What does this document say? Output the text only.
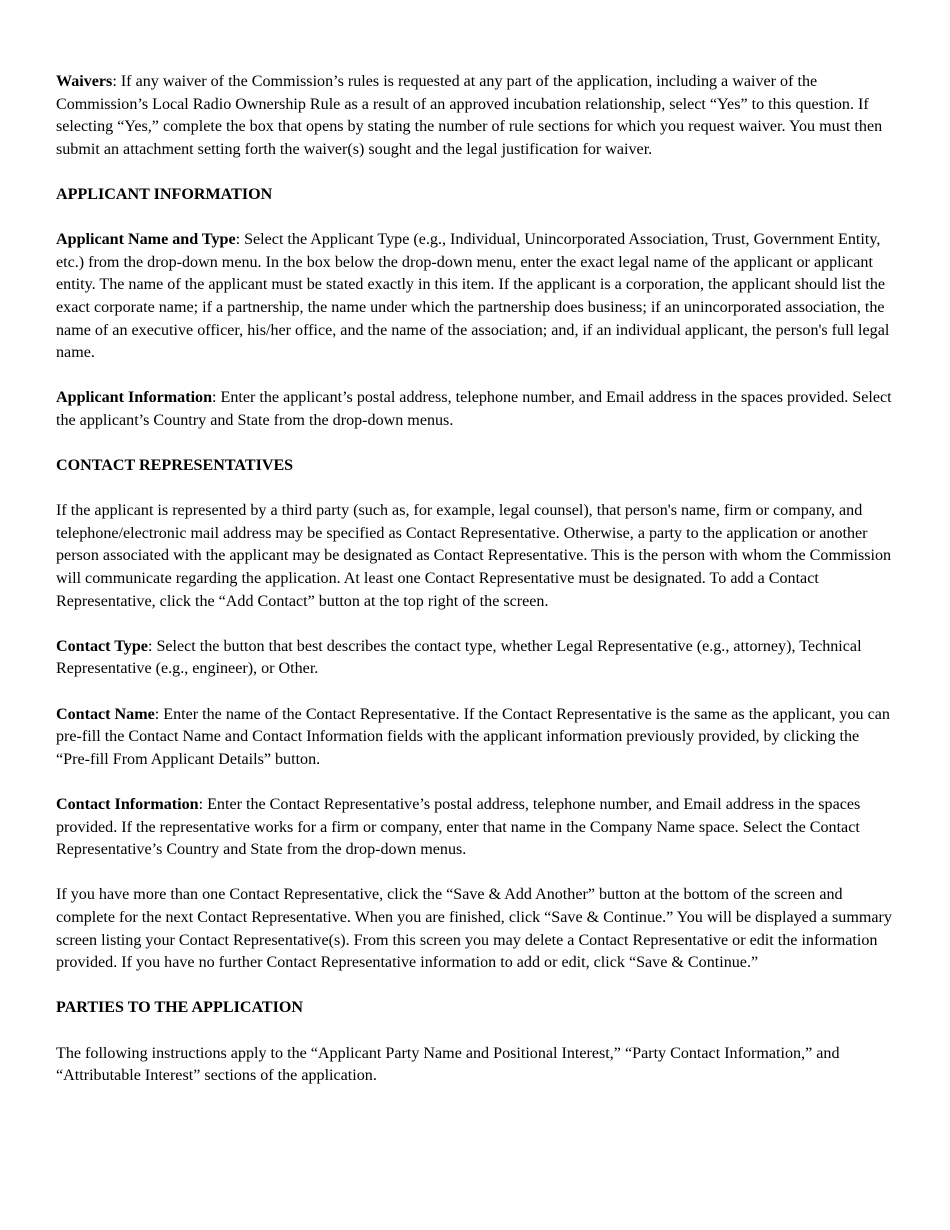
Waivers: If any waiver of the Commission’s rules is requested at any part of the application, including a waiver of the Commission’s Local Radio Ownership Rule as a result of an approved incubation relationship, select “Yes” to this question. If selecting “Yes,” complete the box that opens by stating the number of rule sections for which you request waiver. You must then submit an attachment setting forth the waiver(s) sought and the legal justification for waiver.

APPLICANT INFORMATION

Applicant Name and Type: Select the Applicant Type (e.g., Individual, Unincorporated Association, Trust, Government Entity, etc.) from the drop-down menu. In the box below the drop-down menu, enter the exact legal name of the applicant or applicant entity. The name of the applicant must be stated exactly in this item. If the applicant is a corporation, the applicant should list the exact corporate name; if a partnership, the name under which the partnership does business; if an unincorporated association, the name of an executive officer, his/her office, and the name of the association; and, if an individual applicant, the person's full legal name.

Applicant Information: Enter the applicant’s postal address, telephone number, and Email address in the spaces provided. Select the applicant’s Country and State from the drop-down menus.

CONTACT REPRESENTATIVES

If the applicant is represented by a third party (such as, for example, legal counsel), that person's name, firm or company, and telephone/electronic mail address may be specified as Contact Representative. Otherwise, a party to the application or another person associated with the applicant may be designated as Contact Representative. This is the person with whom the Commission will communicate regarding the application. At least one Contact Representative must be designated. To add a Contact Representative, click the “Add Contact” button at the top right of the screen.

Contact Type: Select the button that best describes the contact type, whether Legal Representative (e.g., attorney), Technical Representative (e.g., engineer), or Other.

Contact Name: Enter the name of the Contact Representative. If the Contact Representative is the same as the applicant, you can pre-fill the Contact Name and Contact Information fields with the applicant information previously provided, by clicking the “Pre-fill From Applicant Details” button.

Contact Information: Enter the Contact Representative’s postal address, telephone number, and Email address in the spaces provided. If the representative works for a firm or company, enter that name in the Company Name space. Select the Contact Representative’s Country and State from the drop-down menus.

If you have more than one Contact Representative, click the “Save & Add Another” button at the bottom of the screen and complete for the next Contact Representative. When you are finished, click “Save & Continue.” You will be displayed a summary screen listing your Contact Representative(s). From this screen you may delete a Contact Representative or edit the information provided. If you have no further Contact Representative information to add or edit, click “Save & Continue.”

PARTIES TO THE APPLICATION

The following instructions apply to the “Applicant Party Name and Positional Interest,” “Party Contact Information,” and “Attributable Interest” sections of the application.
